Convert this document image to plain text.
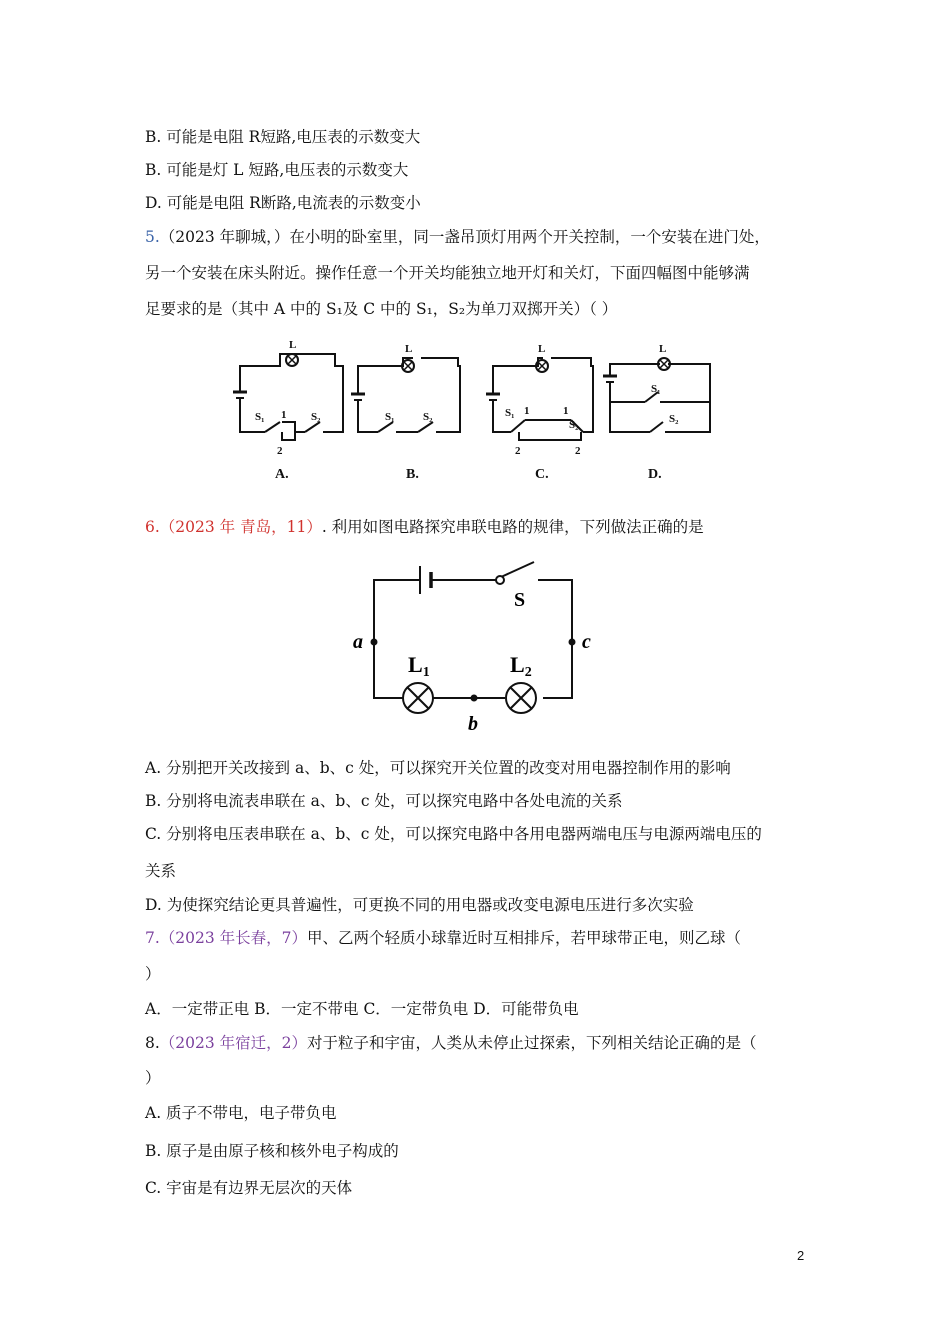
B. 可能是电阻 R短路,电压表的示数变大
B. 可能是灯 L 短路,电压表的示数变大
D. 可能是电阻 R断路,电流表的示数变小
5.（2023 年聊城，）在小明的卧室里，同一盏吊顶灯用两个开关控制，一个安装在进门处，
另一个安装在床头附近。操作任意一个开关均能独立地开灯和关灯，下面四幅图中能够满
足要求的是（其中 A 中的 S₁及 C 中的 S₁，S₂为单刀双掷开关）（ ）
L
S₁ 1
2
S₂
L
S₁	S₂
L
S₁ 1	1
S₂
2	2
L
S₁
S₂
A.	B.	C.	D.
6.（2023 年 青岛，11）. 利用如图电路探究串联电路的规律，下列做法正确的是
S
a	c
b
L1	L2
A. 分别把开关改接到 a、b、c 处，可以探究开关位置的改变对用电器控制作用的影响
B. 分别将电流表串联在 a、b、c 处，可以探究电路中各处电流的关系
C. 分别将电压表串联在 a、b、c 处，可以探究电路中各用电器两端电压与电源两端电压的
关系
D. 为使探究结论更具普遍性，可更换不同的用电器或改变电源电压进行多次实验
7.（2023 年长春，7）甲、乙两个轻质小球靠近时互相排斥，若甲球带正电，则乙球（
）
A．一定带正电 B．一定不带电 C．一定带负电 D．可能带负电
8.（2023 年宿迁，2）对于粒子和宇宙，人类从未停止过探索，下列相关结论正确的是（
）
A. 质子不带电，电子带负电
B. 原子是由原子核和核外电子构成的
C. 宇宙是有边界无层次的天体
2
